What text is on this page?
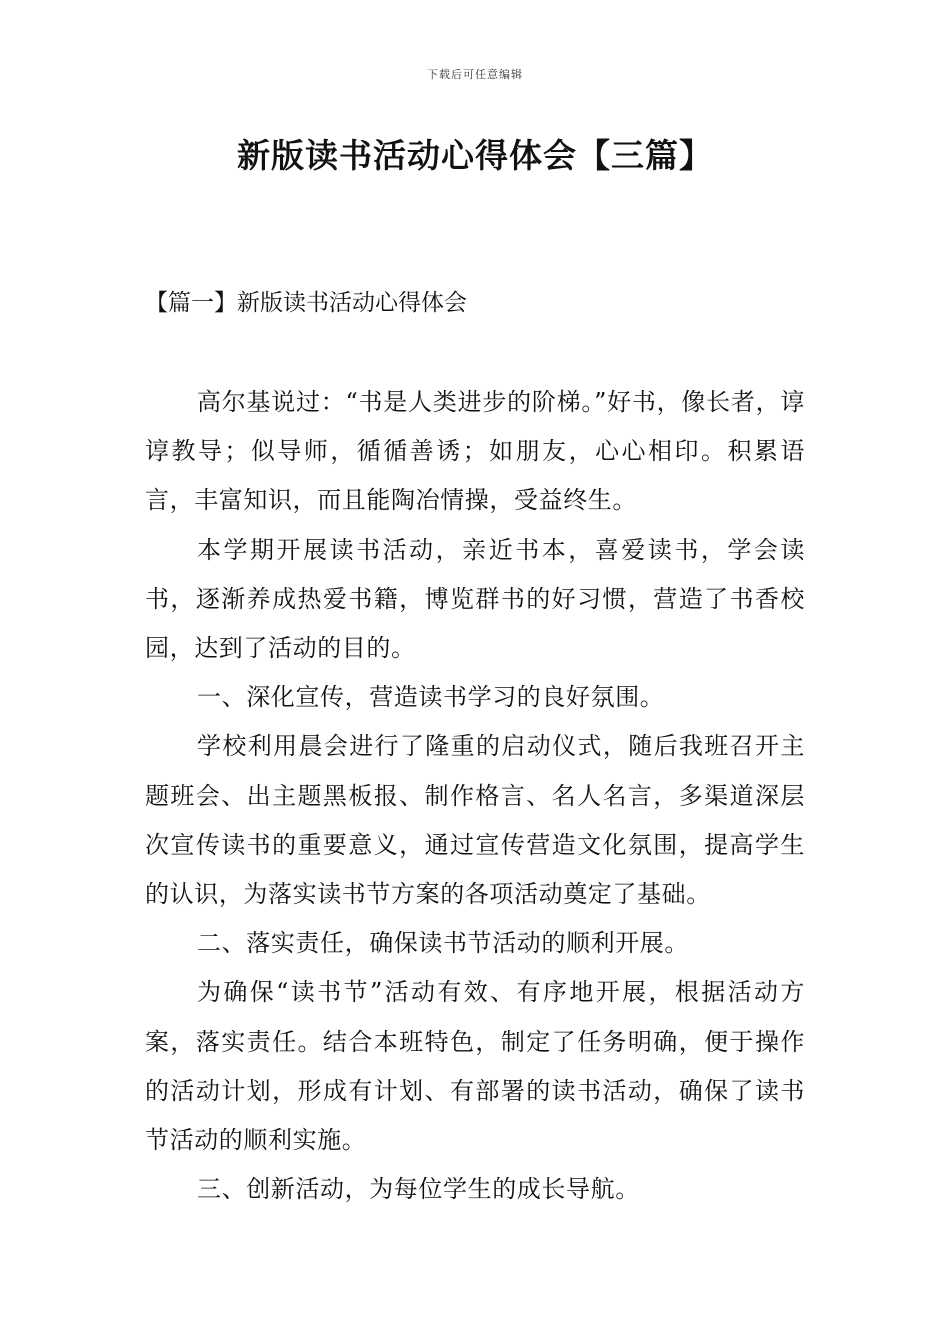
下载后可任意编辑
新版读书活动心得体会【三篇】
【篇一】新版读书活动心得体会

高尔基说过：“书是人类进步的阶梯。”好书，像长者，谆谆教导；似导师，循循善诱；如朋友，心心相印。积累语言，丰富知识，而且能陶冶情操，受益终生。

本学期开展读书活动，亲近书本，喜爱读书，学会读书，逐渐养成热爱书籍，博览群书的好习惯，营造了书香校园，达到了活动的目的。

一、深化宣传，营造读书学习的良好氛围。

学校利用晨会进行了隆重的启动仪式，随后我班召开主题班会、出主题黑板报、制作格言、名人名言，多渠道深层次宣传读书的重要意义，通过宣传营造文化氛围，提高学生的认识，为落实读书节方案的各项活动奠定了基础。

二、落实责任，确保读书节活动的顺利开展。

为确保“读书节”活动有效、有序地开展，根据活动方案，落实责任。结合本班特色，制定了任务明确，便于操作的活动计划，形成有计划、有部署的读书活动，确保了读书节活动的顺利实施。

三、创新活动，为每位学生的成长导航。
